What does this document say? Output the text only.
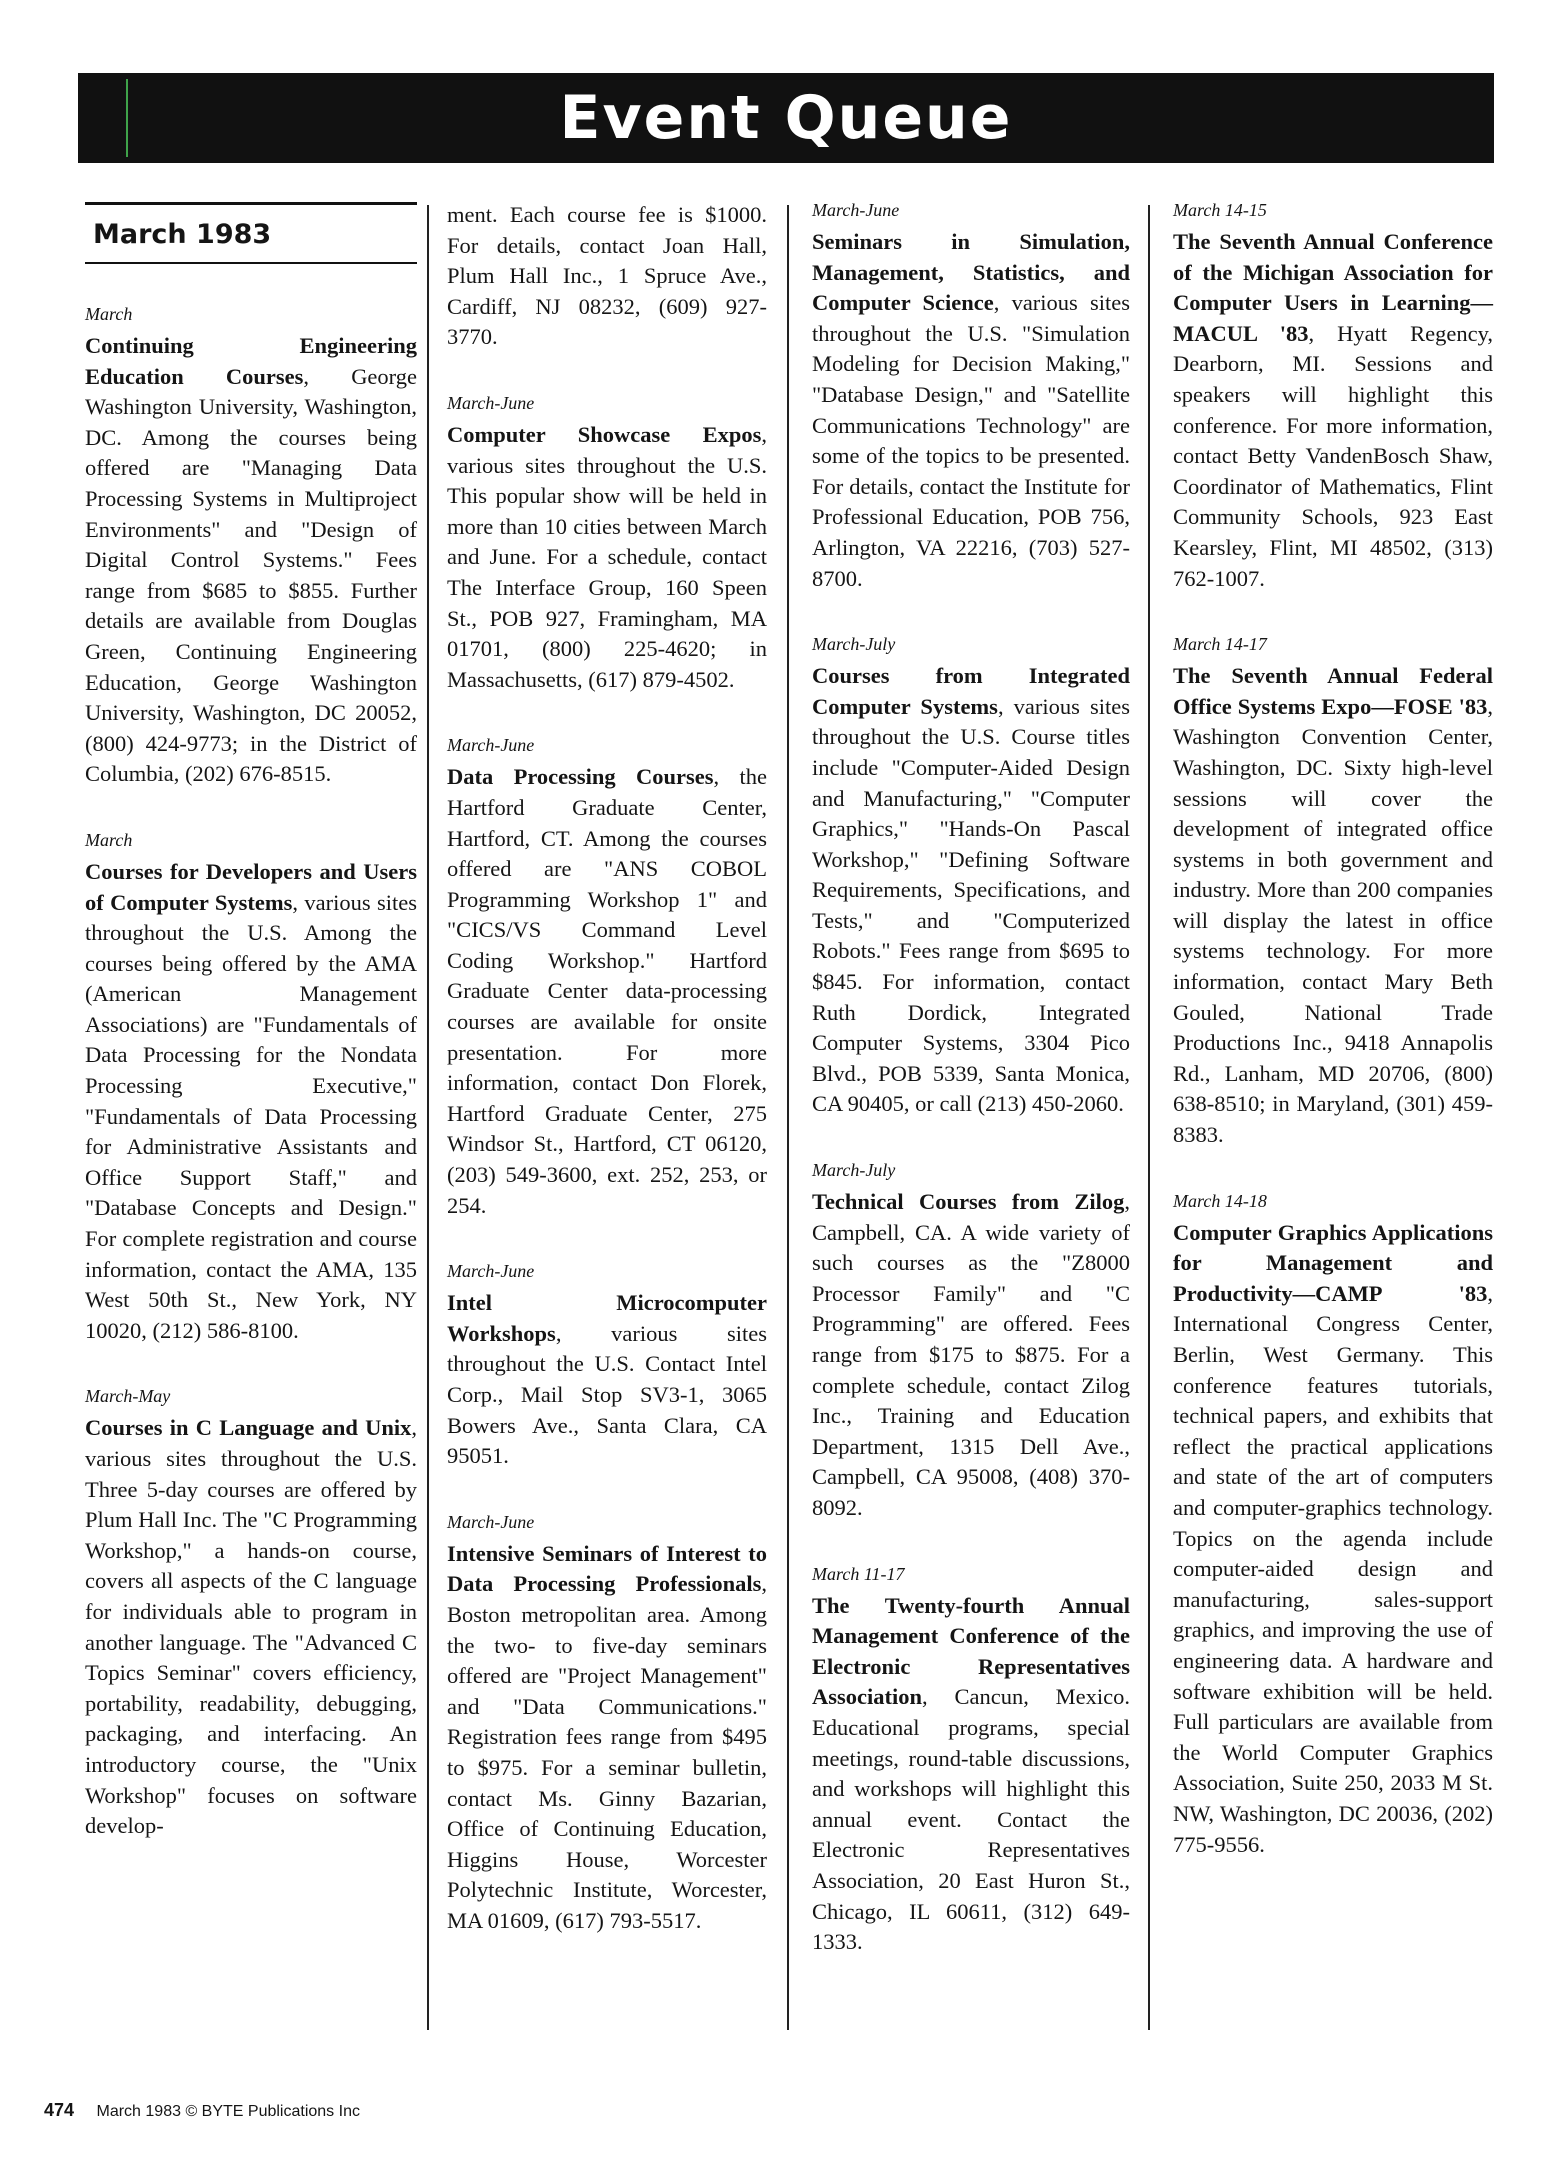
Event Queue
March 1983
March

Continuing Engineering Education Courses, George Washington University, Washington, DC. Among the courses being offered are "Managing Data Processing Systems in Multiproject Environments" and "Design of Digital Control Systems." Fees range from $685 to $855. Further details are available from Douglas Green, Continuing Engineering Education, George Washington University, Washington, DC 20052, (800) 424-9773; in the District of Columbia, (202) 676-8515.

March

Courses for Developers and Users of Computer Systems, various sites throughout the U.S. Among the courses being offered by the AMA (American Management Associations) are "Fundamentals of Data Processing for the Nondata Processing Executive," "Fundamentals of Data Processing for Administrative Assistants and Office Support Staff," and "Database Concepts and Design." For complete registration and course information, contact the AMA, 135 West 50th St., New York, NY 10020, (212) 586-8100.

March-May

Courses in C Language and Unix, various sites throughout the U.S. Three 5-day courses are offered by Plum Hall Inc. The "C Programming Workshop," a hands-on course, covers all aspects of the C language for individuals able to program in another language. The "Advanced C Topics Seminar" covers efficiency, portability, readability, debugging, packaging, and interfacing. An introductory course, the "Unix Workshop" focuses on software develop-

ment. Each course fee is $1000. For details, contact Joan Hall, Plum Hall Inc., 1 Spruce Ave., Cardiff, NJ 08232, (609) 927-3770.

March-June

Computer Showcase Expos, various sites throughout the U.S. This popular show will be held in more than 10 cities between March and June. For a schedule, contact The Interface Group, 160 Speen St., POB 927, Framingham, MA 01701, (800) 225-4620; in Massachusetts, (617) 879-4502.

March-June

Data Processing Courses, the Hartford Graduate Center, Hartford, CT. Among the courses offered are "ANS COBOL Programming Workshop 1" and "CICS/VS Command Level Coding Workshop." Hartford Graduate Center data-processing courses are available for onsite presentation. For more information, contact Don Florek, Hartford Graduate Center, 275 Windsor St., Hartford, CT 06120, (203) 549-3600, ext. 252, 253, or 254.

March-June

Intel Microcomputer Workshops, various sites throughout the U.S. Contact Intel Corp., Mail Stop SV3-1, 3065 Bowers Ave., Santa Clara, CA 95051.

March-June

Intensive Seminars of Interest to Data Processing Professionals, Boston metropolitan area. Among the two- to five-day seminars offered are "Project Management" and "Data Communications." Registration fees range from $495 to $975. For a seminar bulletin, contact Ms. Ginny Bazarian, Office of Continuing Education, Higgins House, Worcester Polytechnic Institute, Worcester, MA 01609, (617) 793-5517.

March-June

Seminars in Simulation, Management, Statistics, and Computer Science, various sites throughout the U.S. "Simulation Modeling for Decision Making," "Database Design," and "Satellite Communications Technology" are some of the topics to be presented. For details, contact the Institute for Professional Education, POB 756, Arlington, VA 22216, (703) 527-8700.

March-July

Courses from Integrated Computer Systems, various sites throughout the U.S. Course titles include "Computer-Aided Design and Manufacturing," "Computer Graphics," "Hands-On Pascal Workshop," "Defining Software Requirements, Specifications, and Tests," and "Computerized Robots." Fees range from $695 to $845. For information, contact Ruth Dordick, Integrated Computer Systems, 3304 Pico Blvd., POB 5339, Santa Monica, CA 90405, or call (213) 450-2060.

March-July

Technical Courses from Zilog, Campbell, CA. A wide variety of such courses as the "Z8000 Processor Family" and "C Programming" are offered. Fees range from $175 to $875. For a complete schedule, contact Zilog Inc., Training and Education Department, 1315 Dell Ave., Campbell, CA 95008, (408) 370-8092.

March 11-17

The Twenty-fourth Annual Management Conference of the Electronic Representatives Association, Cancun, Mexico. Educational programs, special meetings, round-table discussions, and workshops will highlight this annual event. Contact the Electronic Representatives Association, 20 East Huron St., Chicago, IL 60611, (312) 649-1333.

March 14-15

The Seventh Annual Conference of the Michigan Association for Computer Users in Learning—MACUL '83, Hyatt Regency, Dearborn, MI. Sessions and speakers will highlight this conference. For more information, contact Betty VandenBosch Shaw, Coordinator of Mathematics, Flint Community Schools, 923 East Kearsley, Flint, MI 48502, (313) 762-1007.

March 14-17

The Seventh Annual Federal Office Systems Expo—FOSE '83, Washington Convention Center, Washington, DC. Sixty high-level sessions will cover the development of integrated office systems in both government and industry. More than 200 companies will display the latest in office systems technology. For more information, contact Mary Beth Gouled, National Trade Productions Inc., 9418 Annapolis Rd., Lanham, MD 20706, (800) 638-8510; in Maryland, (301) 459-8383.

March 14-18

Computer Graphics Applications for Management and Productivity—CAMP '83, International Congress Center, Berlin, West Germany. This conference features tutorials, technical papers, and exhibits that reflect the practical applications and state of the art of computers and computer-graphics technology. Topics on the agenda include computer-aided design and manufacturing, sales-support graphics, and improving the use of engineering data. A hardware and software exhibition will be held. Full particulars are available from the World Computer Graphics Association, Suite 250, 2033 M St. NW, Washington, DC 20036, (202) 775-9556.

474 March 1983 © BYTE Publications Inc
